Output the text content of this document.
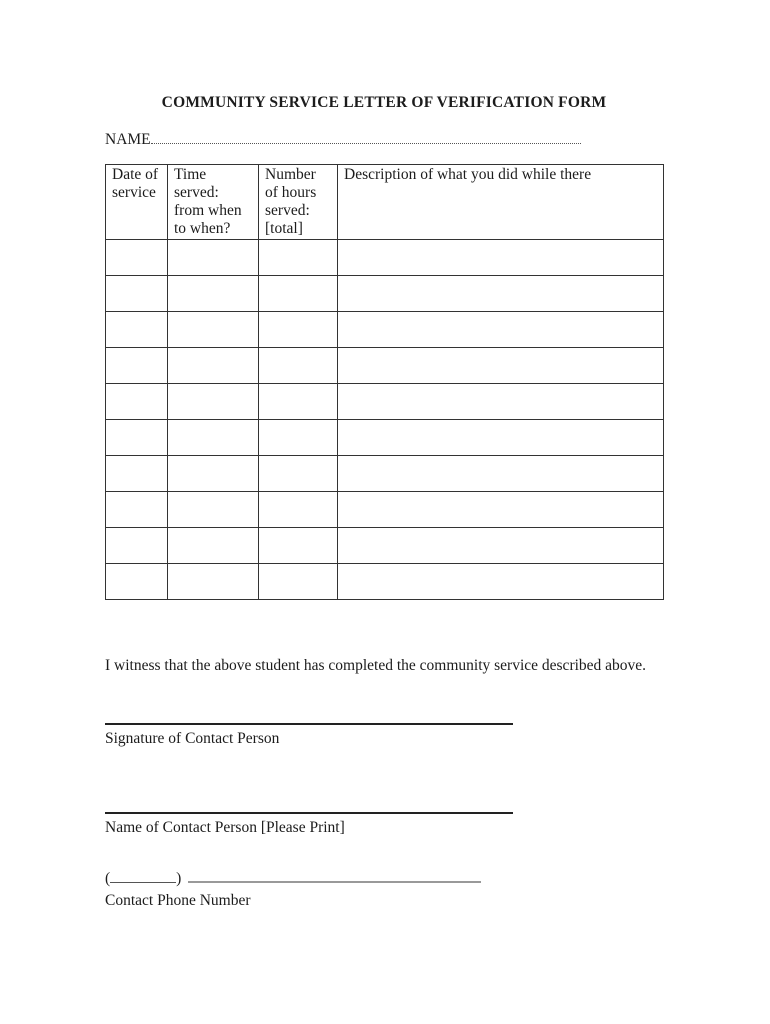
COMMUNITY SERVICE LETTER OF VERIFICATION FORM
NAME
Date of service	Time served: from when to when?	Number of hours served: [total]	Description of what you did while there

I witness that the above student has completed the community service described above.
Signature of Contact Person
Name of Contact Person [Please Print]
(	)
Contact Phone Number
